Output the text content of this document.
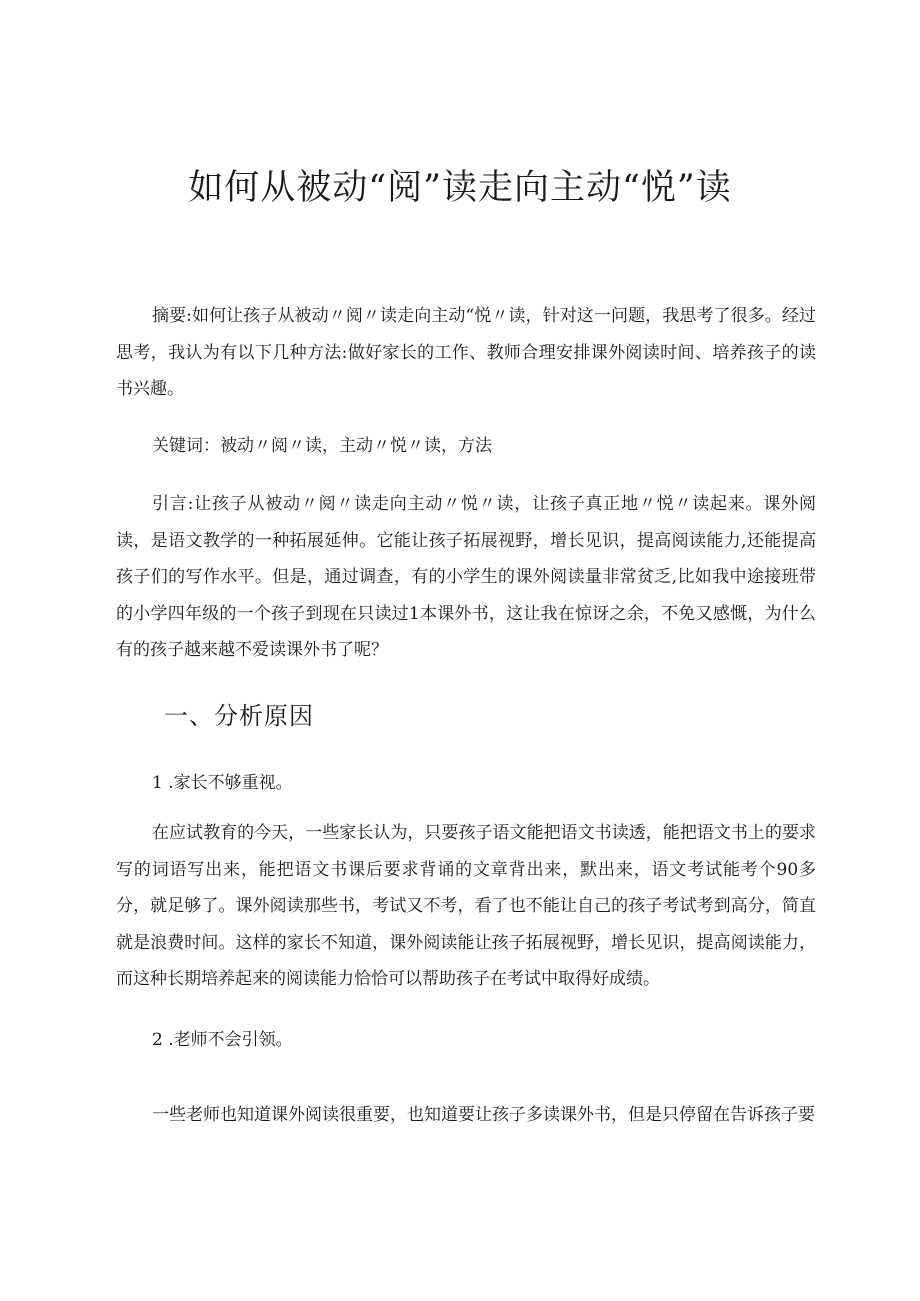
如何从被动“阅”读走向主动“悦”读

摘要:如何让孩子从被动〃阅〃读走向主动“悦〃读，针对这一问题，我思考了很多。经过思考，我认为有以下几种方法:做好家长的工作、教师合理安排课外阅读时间、培养孩子的读书兴趣。

关键词：被动〃阅〃读，主动〃悦〃读，方法

引言:让孩子从被动〃阅〃读走向主动〃悦〃读，让孩子真正地〃悦〃读起来。课外阅读，是语文教学的一种拓展延伸。它能让孩子拓展视野，增长见识，提高阅读能力,还能提高孩子们的写作水平。但是，通过调查，有的小学生的课外阅读量非常贫乏,比如我中途接班带的小学四年级的一个孩子到现在只读过1本课外书，这让我在惊讶之余，不免又感慨，为什么有的孩子越来越不爱读课外书了呢？

一、分析原因

1 .家长不够重视。

在应试教育的今天，一些家长认为，只要孩子语文能把语文书读透，能把语文书上的要求写的词语写出来，能把语文书课后要求背诵的文章背出来，默出来，语文考试能考个90多分，就足够了。课外阅读那些书，考试又不考，看了也不能让自己的孩子考试考到高分，简直就是浪费时间。这样的家长不知道，课外阅读能让孩子拓展视野，增长见识，提高阅读能力，而这种长期培养起来的阅读能力恰恰可以帮助孩子在考试中取得好成绩。

2 .老师不会引领。

一些老师也知道课外阅读很重要，也知道要让孩子多读课外书，但是只停留在告诉孩子要
